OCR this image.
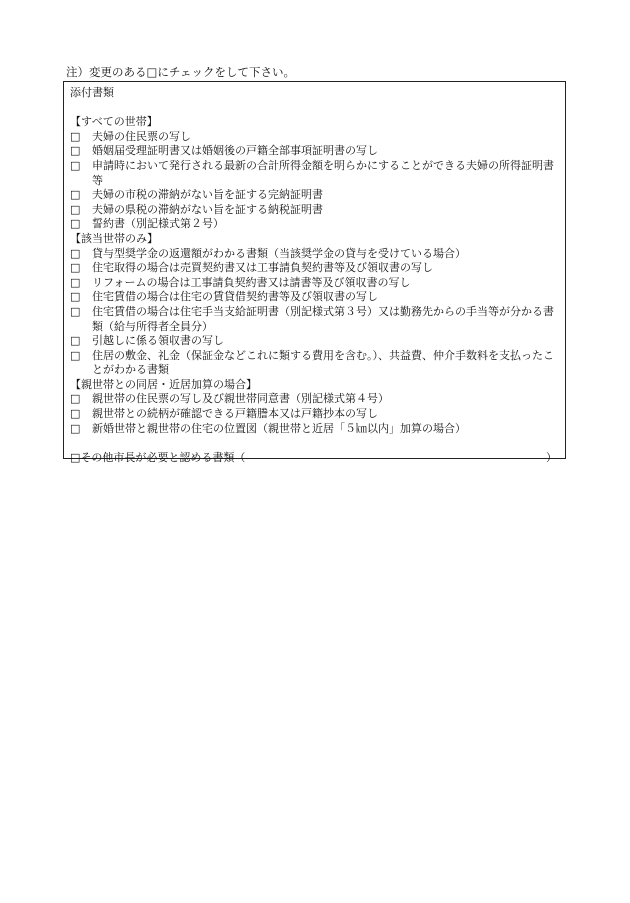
注）変更のある□にチェックをして下さい。
添付書類
【すべての世帯】
□	夫婦の住民票の写し
□	婚姻届受理証明書又は婚姻後の戸籍全部事項証明書の写し
□	申請時において発行される最新の合計所得金額を明らかにすることができる夫婦の所得証明書等
□	夫婦の市税の滞納がない旨を証する完納証明書
□	夫婦の県税の滞納がない旨を証する納税証明書
□	誓約書（別記様式第２号）
【該当世帯のみ】
□	貸与型奨学金の返還額がわかる書類（当該奨学金の貸与を受けている場合）
□	住宅取得の場合は売買契約書又は工事請負契約書等及び領収書の写し
□	リフォームの場合は工事請負契約書又は請書等及び領収書の写し
□	住宅賃借の場合は住宅の賃貸借契約書等及び領収書の写し
□	住宅賃借の場合は住宅手当支給証明書（別記様式第３号）又は勤務先からの手当等が分かる書類（給与所得者全員分）
□	引越しに係る領収書の写し
□	住居の敷金、礼金（保証金などこれに類する費用を含む。）、共益費、仲介手数料を支払ったことがわかる書類
【親世帯との同居・近居加算の場合】
□	親世帯の住民票の写し及び親世帯同意書（別記様式第４号）
□	親世帯との続柄が確認できる戸籍謄本又は戸籍抄本の写し
□	新婚世帯と親世帯の住宅の位置図（親世帯と近居「５㎞以内」加算の場合）
□その他市長が必要と認める書類（	）
